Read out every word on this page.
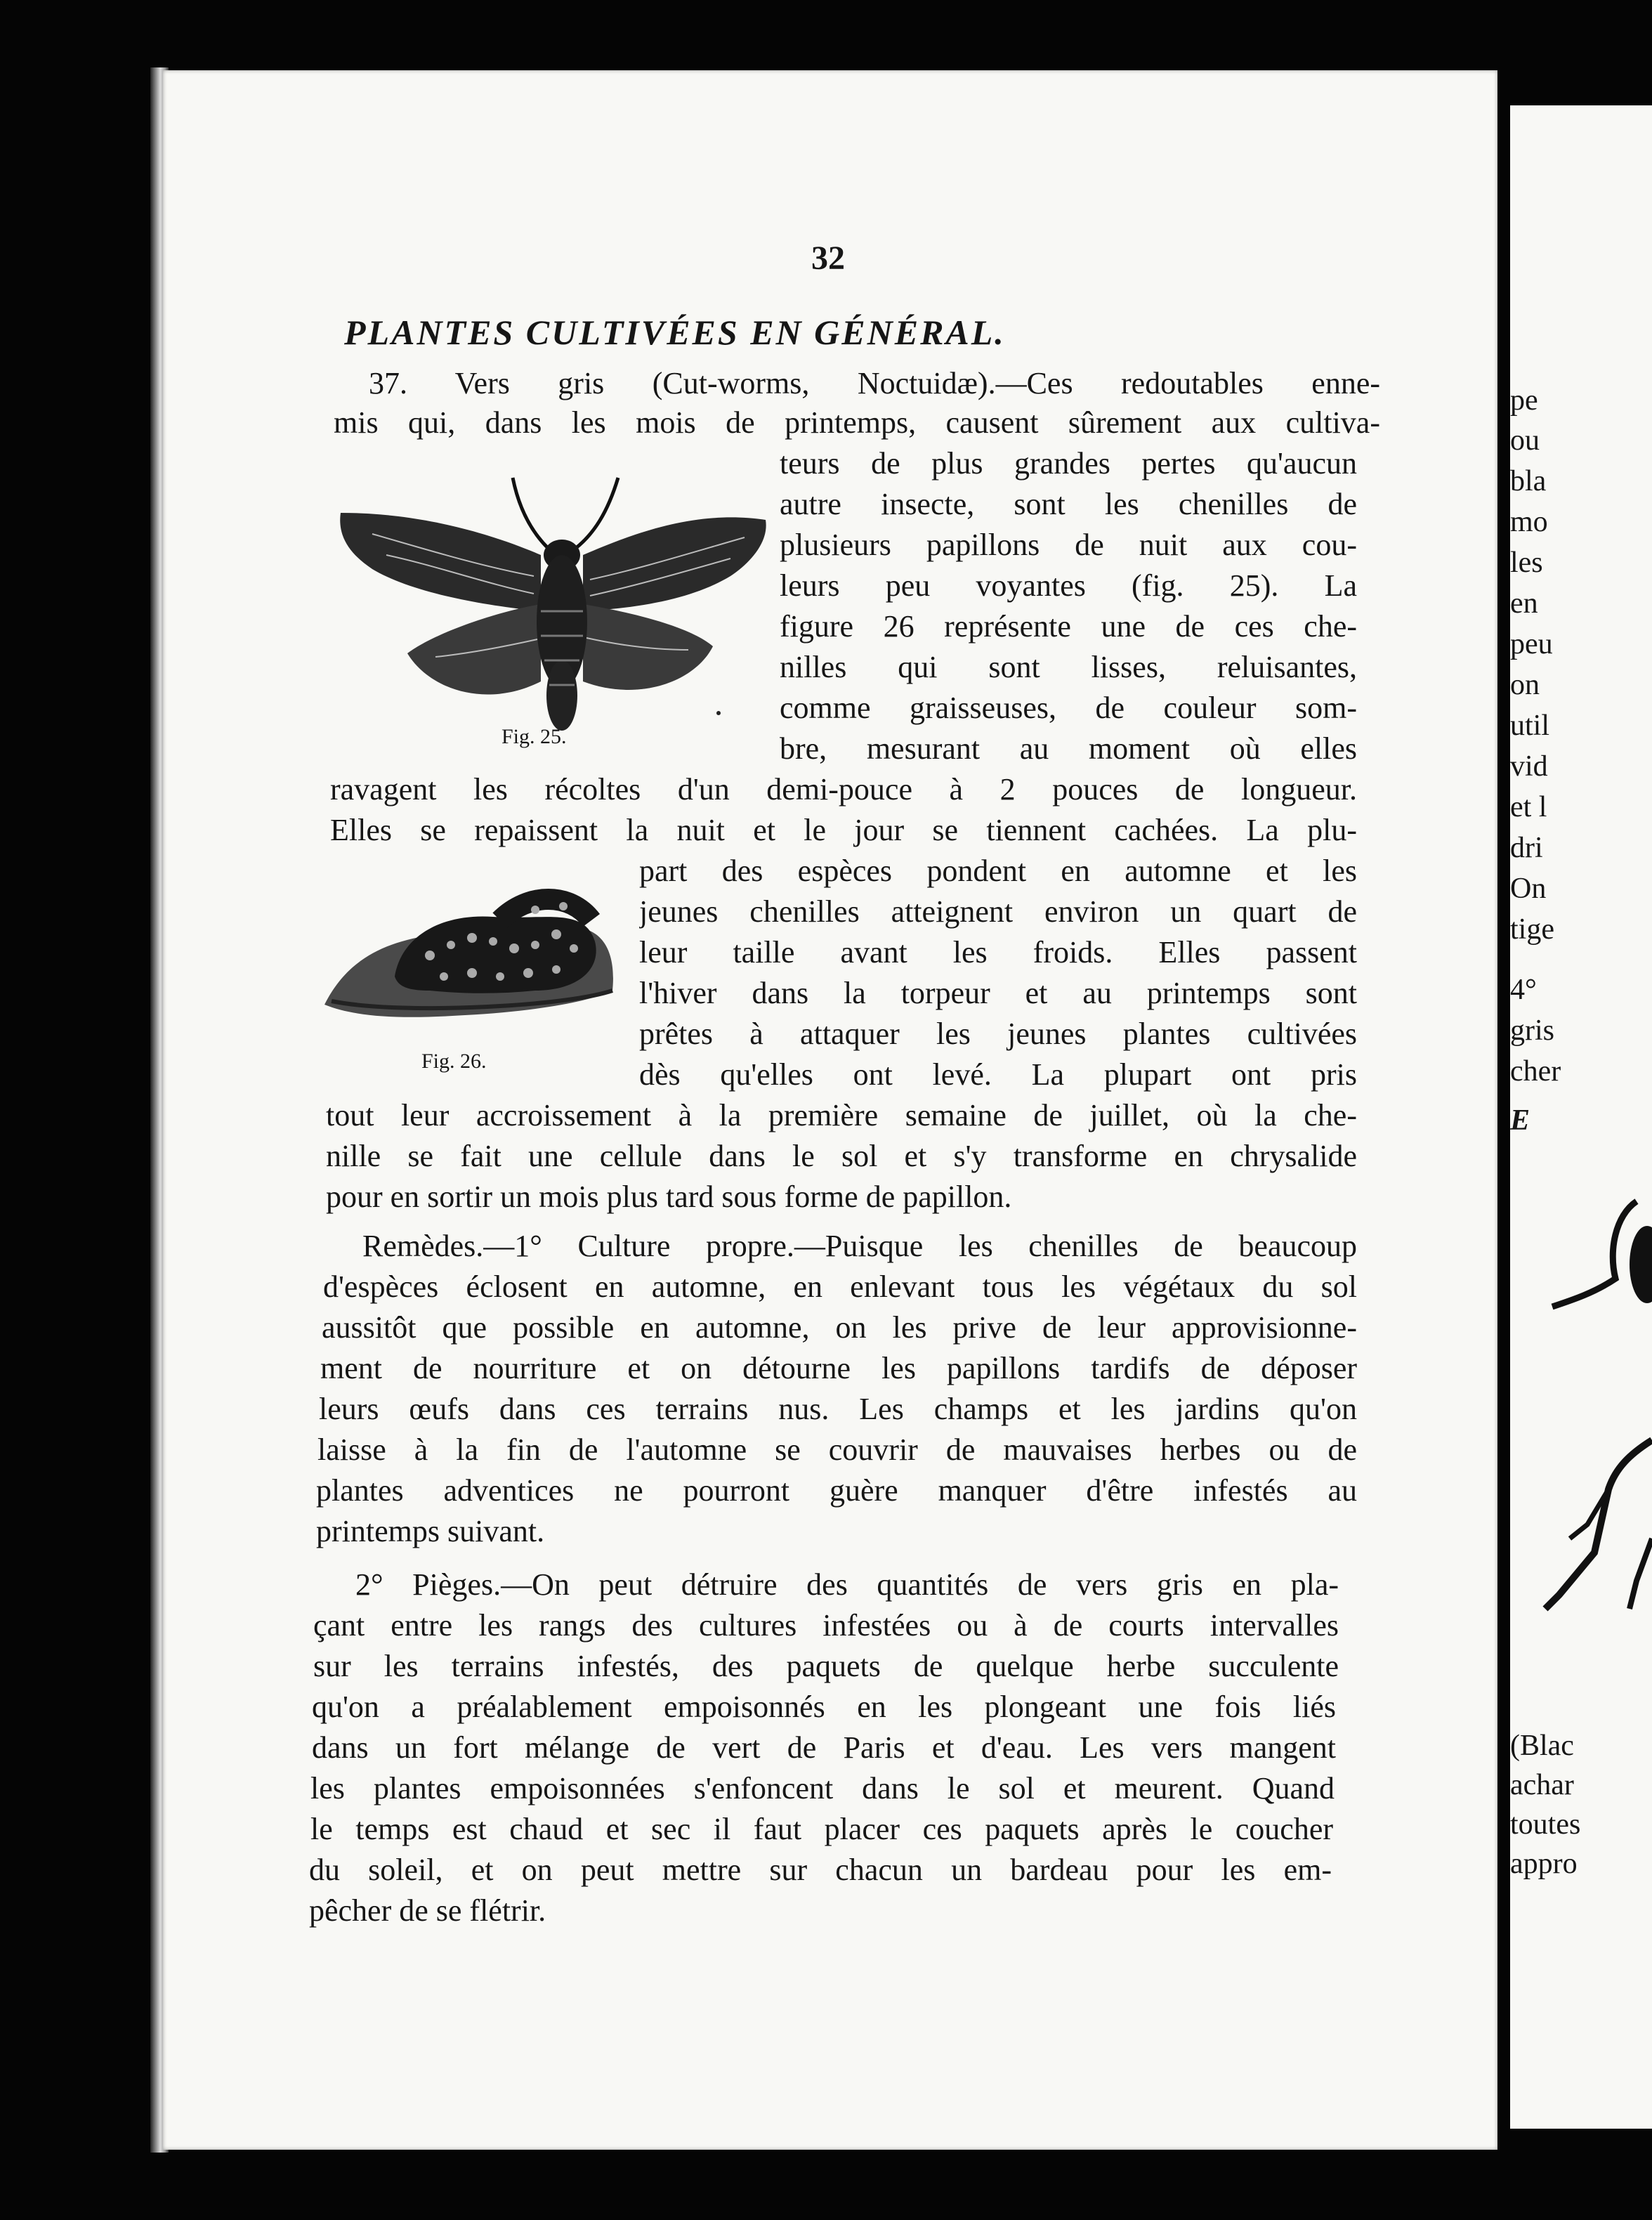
pe
ou
bla
mo
les
en
peu
on
util
vid
et l
dri
On
tige
4°
gris
cher
E
(Blac
achar
toutes
appro
32
PLANTES CULTIVÉES EN GÉNÉRAL.
37. Vers gris (Cut-worms, Noctuidæ).—Ces redoutables enne-
mis qui, dans les mois de printemps, causent sûrement aux cultiva-
teurs de plus grandes pertes qu'aucun
autre insecte, sont les chenilles de
plusieurs papillons de nuit aux cou-
leurs peu voyantes (fig. 25). La
figure 26 représente une de ces che-
nilles qui sont lisses, reluisantes,
comme graisseuses, de couleur som-
bre, mesurant au moment où elles
Fig. 25.
ravagent les récoltes d'un demi-pouce à 2 pouces de longueur.
Elles se repaissent la nuit et le jour se tiennent cachées. La plu-
part des espèces pondent en automne et les
jeunes chenilles atteignent environ un quart de
leur taille avant les froids. Elles passent
l'hiver dans la torpeur et au printemps sont
prêtes à attaquer les jeunes plantes cultivées
dès qu'elles ont levé. La plupart ont pris
Fig. 26.
tout leur accroissement à la première semaine de juillet, où la che-
nille se fait une cellule dans le sol et s'y transforme en chrysalide
pour en sortir un mois plus tard sous forme de papillon.
Remèdes.—1° Culture propre.—Puisque les chenilles de beaucoup
d'espèces éclosent en automne, en enlevant tous les végétaux du sol
aussitôt que possible en automne, on les prive de leur approvisionne-
ment de nourriture et on détourne les papillons tardifs de déposer
leurs œufs dans ces terrains nus. Les champs et les jardins qu'on
laisse à la fin de l'automne se couvrir de mauvaises herbes ou de
plantes adventices ne pourront guère manquer d'être infestés au
printemps suivant.
2° Pièges.—On peut détruire des quantités de vers gris en pla-
çant entre les rangs des cultures infestées ou à de courts intervalles
sur les terrains infestés, des paquets de quelque herbe succulente
qu'on a préalablement empoisonnés en les plongeant une fois liés
dans un fort mélange de vert de Paris et d'eau. Les vers mangent
les plantes empoisonnées s'enfoncent dans le sol et meurent. Quand
le temps est chaud et sec il faut placer ces paquets après le coucher
du soleil, et on peut mettre sur chacun un bardeau pour les em-
pêcher de se flétrir.
